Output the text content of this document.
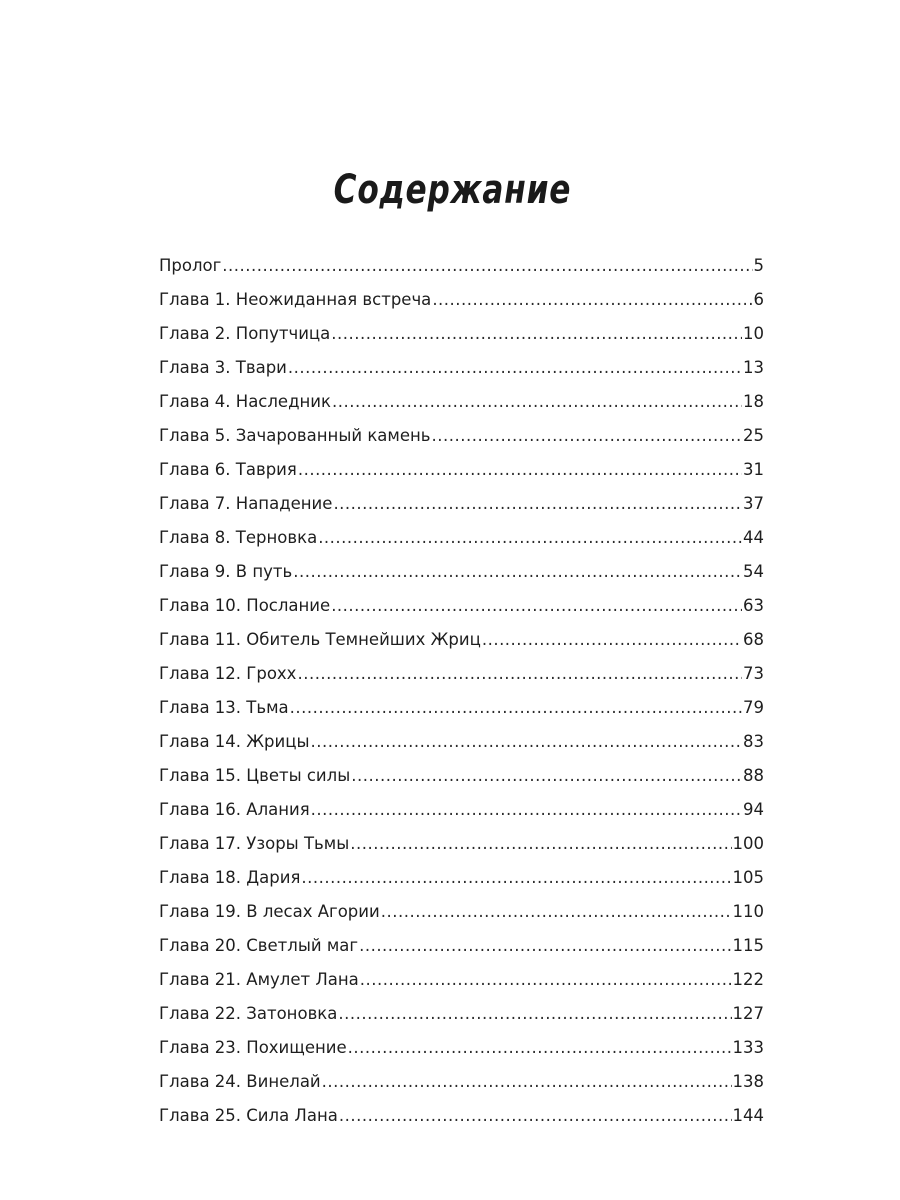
Содержание
Пролог .....	5
Глава 1. Неожиданная встреча .....	6
Глава 2. Попутчица .....	10
Глава 3. Твари .....	13
Глава 4. Наследник .....	18
Глава 5. Зачарованный камень .....	25
Глава 6. Таврия .....	31
Глава 7. Нападение .....	37
Глава 8. Терновка .....	44
Глава 9. В путь .....	54
Глава 10. Послание .....	63
Глава 11. Обитель Темнейших Жриц .....	68
Глава 12. Грохх .....	73
Глава 13. Тьма .....	79
Глава 14. Жрицы .....	83
Глава 15. Цветы силы .....	88
Глава 16. Алания .....	94
Глава 17. Узоры Тьмы .....	100
Глава 18. Дария .....	105
Глава 19. В лесах Агории .....	110
Глава 20. Светлый маг .....	115
Глава 21. Амулет Лана .....	122
Глава 22. Затоновка .....	127
Глава 23. Похищение .....	133
Глава 24. Винелай .....	138
Глава 25. Сила Лана .....	144
